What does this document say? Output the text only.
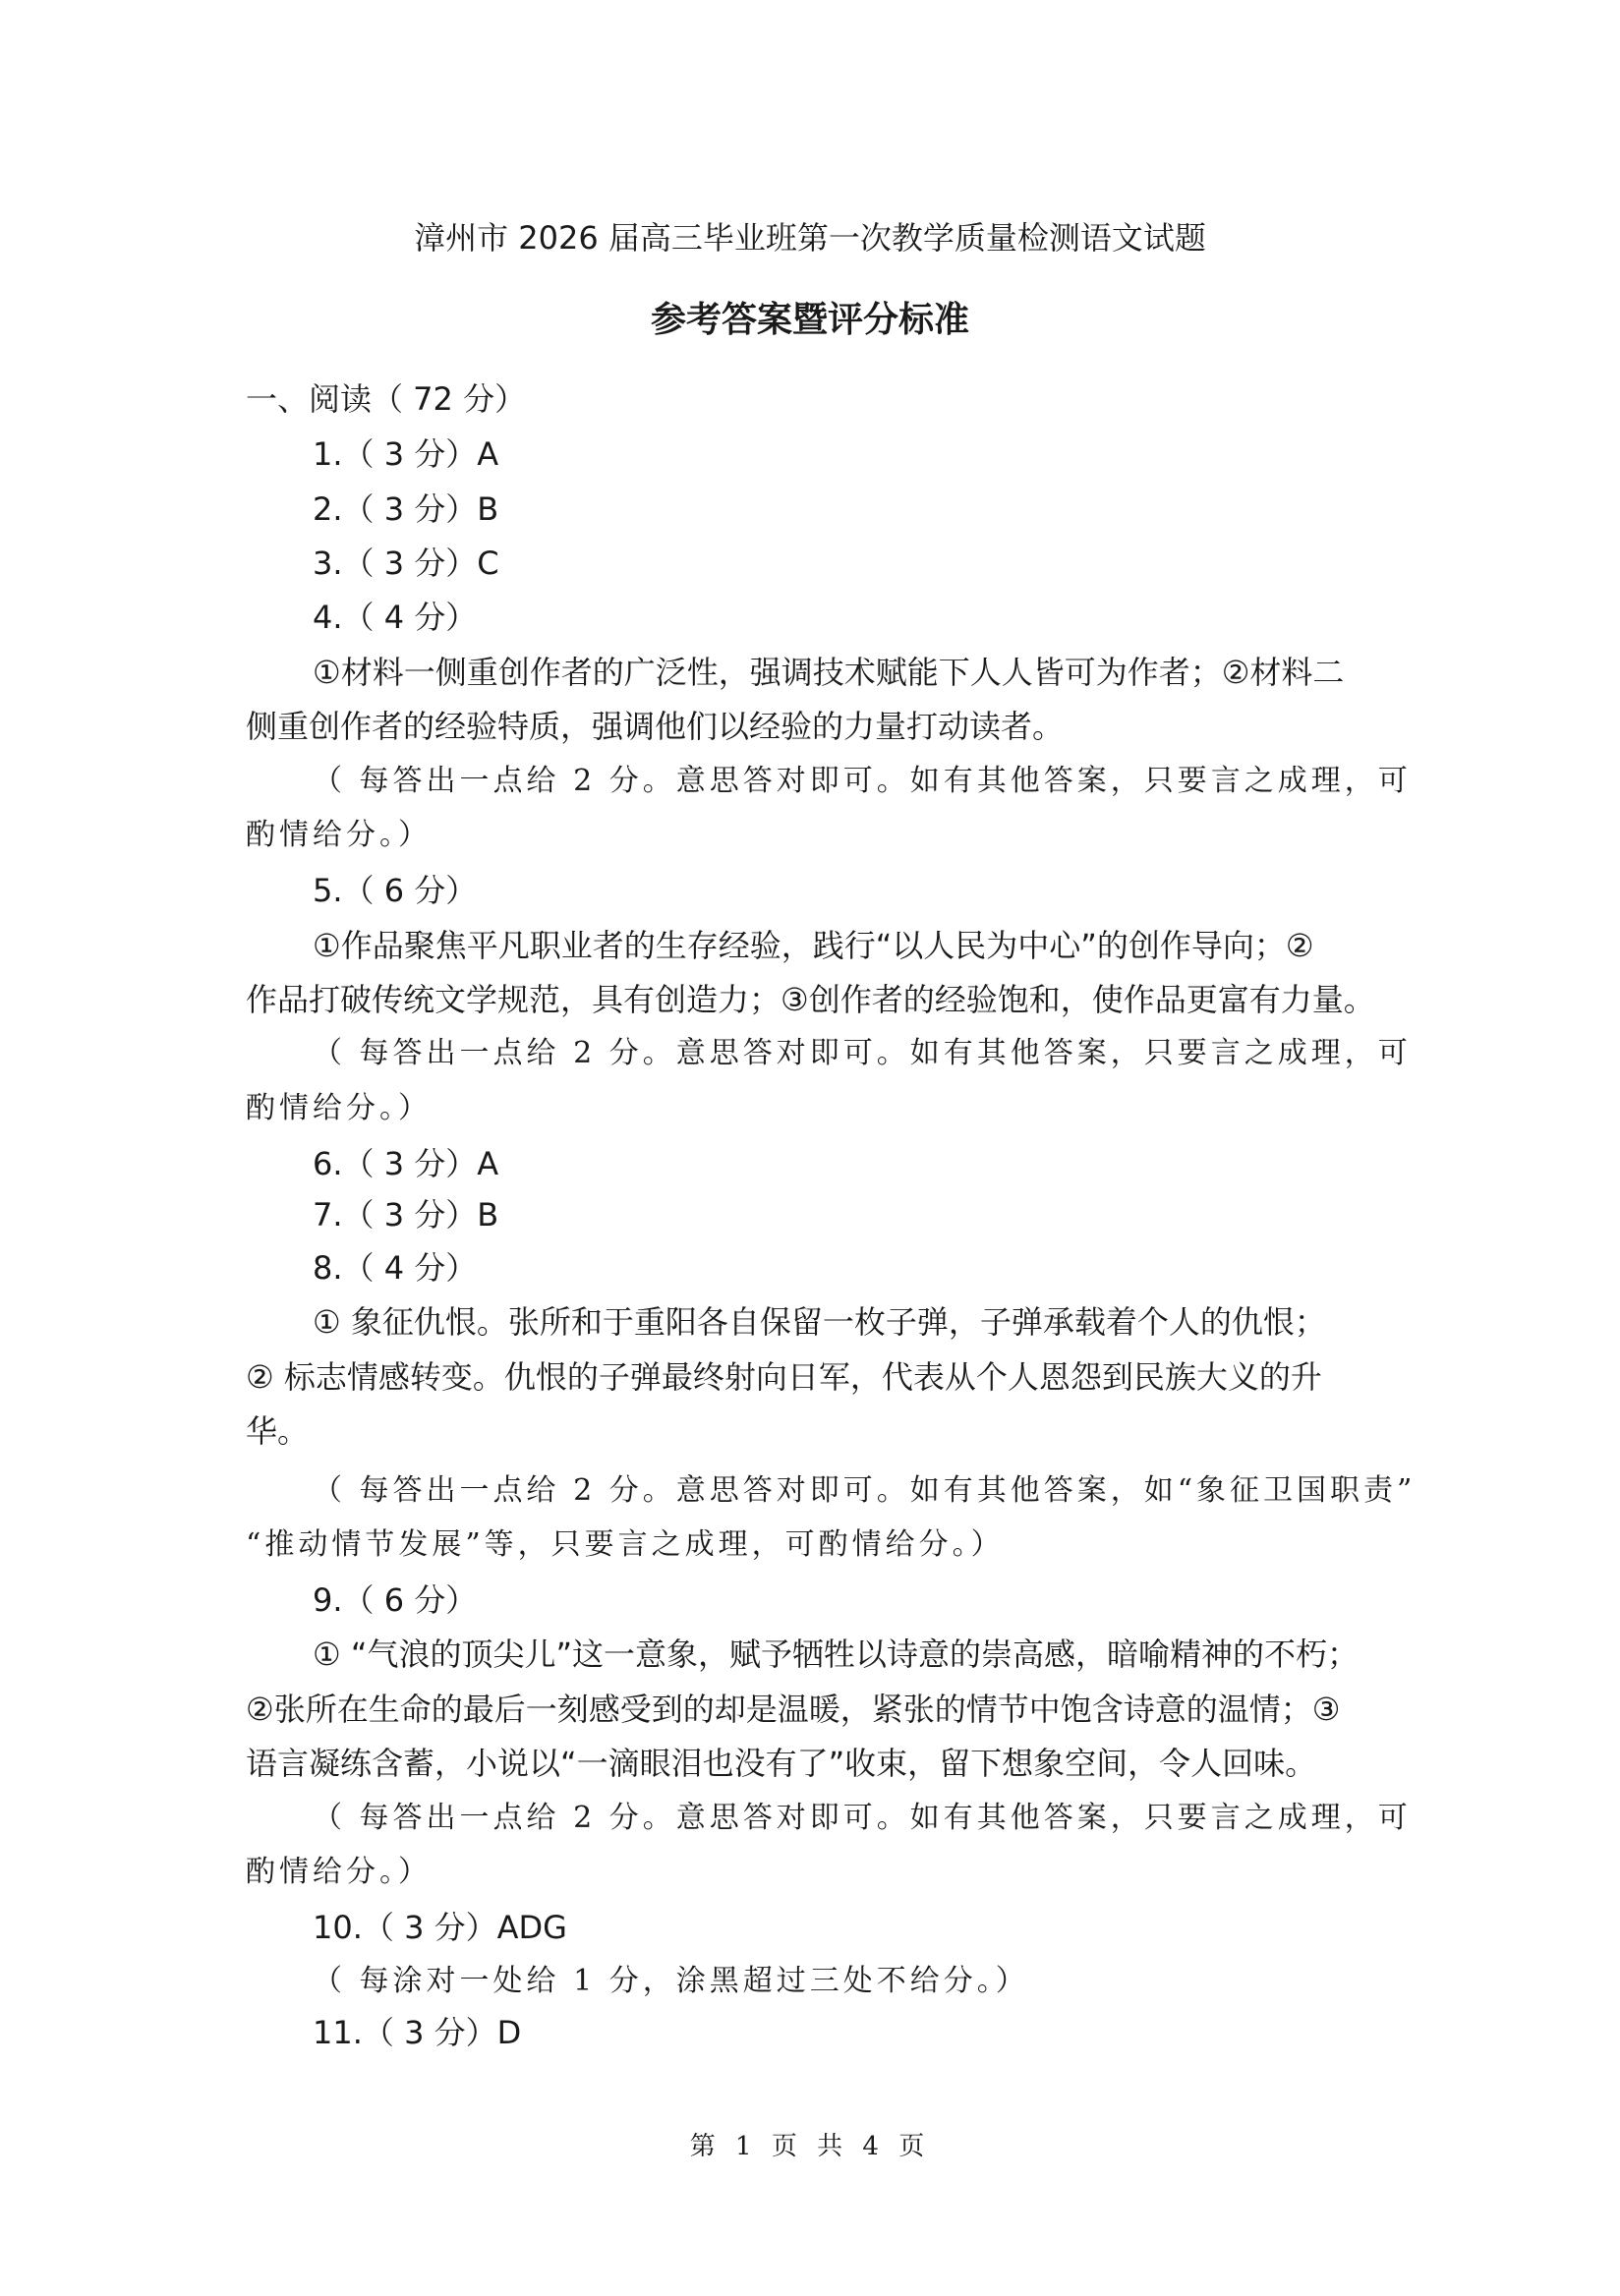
漳州市 2026 届高三毕业班第一次教学质量检测语文试题
参考答案暨评分标准
一、阅读（ 72 分）
1.（ 3 分）A
2.（ 3 分）B
3.（ 3 分）C
4.（ 4 分）
①材料一侧重创作者的广泛性，强调技术赋能下人人皆可为作者；②材料二
侧重创作者的经验特质，强调他们以经验的力量打动读者。
（ 每答出一点给 2 分。意思答对即可。如有其他答案，只要言之成理，可
酌情给分。）
5.（ 6 分）
①作品聚焦平凡职业者的生存经验，践行“以人民为中心”的创作导向；②
作品打破传统文学规范，具有创造力；③创作者的经验饱和，使作品更富有力量。
（ 每答出一点给 2 分。意思答对即可。如有其他答案，只要言之成理，可
酌情给分。）
6.（ 3 分）A
7.（ 3 分）B
8.（ 4 分）
① 象征仇恨。张所和于重阳各自保留一枚子弹，子弹承载着个人的仇恨；
② 标志情感转变。仇恨的子弹最终射向日军，代表从个人恩怨到民族大义的升
华。
（ 每答出一点给 2 分。意思答对即可。如有其他答案，如“象征卫国职责”
“推动情节发展”等，只要言之成理，可酌情给分。）
9.（ 6 分）
① “气浪的顶尖儿”这一意象，赋予牺牲以诗意的崇高感，暗喻精神的不朽；
②张所在生命的最后一刻感受到的却是温暖，紧张的情节中饱含诗意的温情；③
语言凝练含蓄，小说以“一滴眼泪也没有了”收束，留下想象空间，令人回味。
（ 每答出一点给 2 分。意思答对即可。如有其他答案，只要言之成理，可
酌情给分。）
10.（ 3 分）ADG
（ 每涂对一处给 1 分，涂黑超过三处不给分。）
11.（ 3 分）D
第 1 页 共 4 页
